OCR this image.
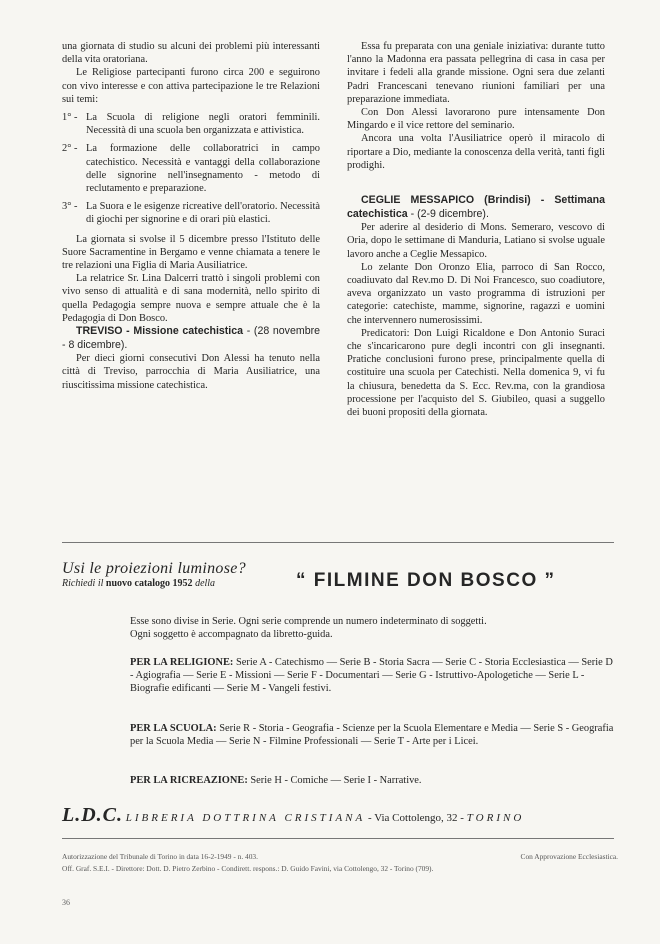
una giornata di studio su alcuni dei problemi più interessanti della vita oratoriana.

Le Religiose partecipanti furono circa 200 e seguirono con vivo interesse e con attiva partecipazione le tre Relazioni sui temi:

1° - La Scuola di religione negli oratori femminili. Necessità di una scuola ben organizzata e attivistica.
2° - La formazione delle collaboratrici in campo catechistico. Necessità e vantaggi della collaborazione delle signorine nell'insegnamento - metodo di reclutamento e preparazione.
3° - La Suora e le esigenze ricreative dell'oratorio. Necessità di giochi per signorine e di orari più elastici.

La giornata si svolse il 5 dicembre presso l'Istituto delle Suore Sacramentine in Bergamo e venne chiamata a tenere le tre relazioni una Figlia di Maria Ausiliatrice.

La relatrice Sr. Lina Dalcerri trattò i singoli problemi con vivo senso di attualità e di sana modernità, nello spirito di quella Pedagogia sempre nuova e sempre attuale che è la Pedagogia di Don Bosco.

TREVISO - Missione catechistica - (28 novembre - 8 dicembre).

Per dieci giorni consecutivi Don Alessi ha tenuto nella città di Treviso, parrocchia di Maria Ausiliatrice, una riuscitissima missione catechistica.

Essa fu preparata con una geniale iniziativa: durante tutto l'anno la Madonna era passata pellegrina di casa in casa per invitare i fedeli alla grande missione. Ogni sera due zelanti Padri Francescani tenevano riunioni familiari per una preparazione immediata.

Con Don Alessi lavorarono pure intensamente Don Mingardo e il vice rettore del seminario.

Ancora una volta l'Ausiliatrice operò il miracolo di riportare a Dio, mediante la conoscenza della verità, tanti figli prodighi.

CEGLIE MESSAPICO (Brindisi) - Settimana catechistica - (2-9 dicembre).

Per aderire al desiderio di Mons. Semeraro, vescovo di Oria, dopo le settimane di Manduria, Latiano si svolse uguale lavoro anche a Ceglie Messapico.

Lo zelante Don Oronzo Elia, parroco di San Rocco, coadiuvato dal Rev.mo D. Di Noi Francesco, suo coadiutore, aveva organizzato un vasto programma di istruzioni per categorie: catechiste, mamme, signorine, ragazzi e uomini che intervennero numerosissimi.

Predicatori: Don Luigi Ricaldone e Don Antonio Suraci che s'incaricarono pure degli incontri con gli insegnanti. Pratiche conclusioni furono prese, principalmente quella di costituire una scuola per Catechisti. Nella domenica 9, vi fu la chiusura, benedetta da S. Ecc. Rev.ma, con la grandiosa processione per l'acquisto del S. Giubileo, quasi a suggello dei buoni propositi della giornata.

Usi le proiezioni luminose?
Richiedi il nuovo catalogo 1952 della	“ FILMINE DON BOSCO ”
Esse sono divise in Serie. Ogni serie comprende un numero indeterminato di soggetti.
Ogni soggetto è accompagnato da libretto-guida.
PER LA RELIGIONE: Serie A - Catechismo — Serie B - Storia Sacra — Serie C - Storia Ecclesiastica — Serie D - Agiografia — Serie E - Missioni — Serie F - Documentari — Serie G - Istruttivo-Apologetiche — Serie L - Biografie edificanti — Serie M - Vangeli festivi.
PER LA SCUOLA: Serie R - Storia - Geografia - Scienze per la Scuola Elementare e Media — Serie S - Geografia per la Scuola Media — Serie N - Filmine Professionali — Serie T - Arte per i Licei.
PER LA RICREAZIONE: Serie H - Comiche — Serie I - Narrative.
L.D.C. LIBRERIA DOTTRINA CRISTIANA - Via Cottolengo, 32 - TORINO
Autorizzazione del Tribunale di Torino in data 16-2-1949 - n. 403.	Con Approvazione Ecclesiastica.
Off. Graf. S.E.I. - Direttore: Dott. D. Pietro Zerbino - Condirett. respons.: D. Guido Favini, via Cottolengo, 32 - Torino (709).
36
